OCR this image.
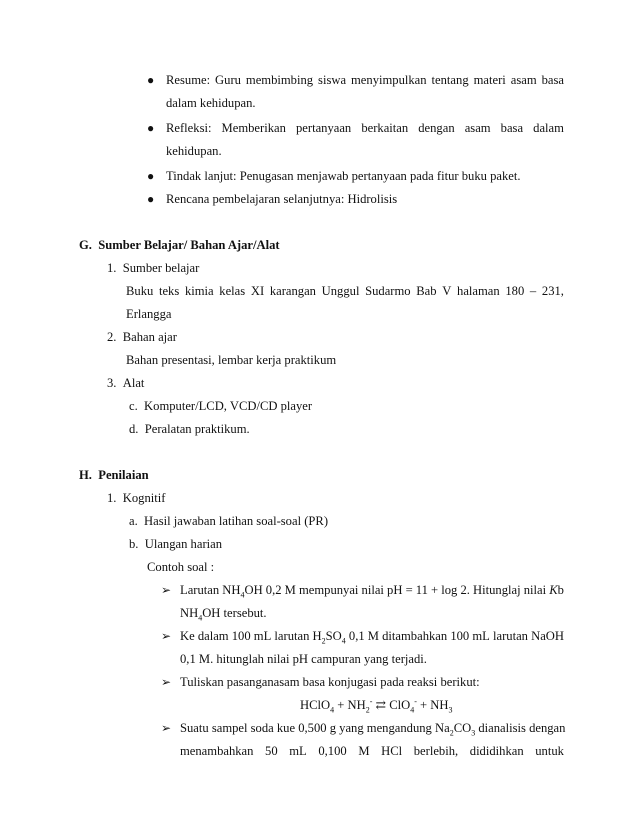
● Resume: Guru membimbing siswa menyimpulkan tentang materi asam basa
dalam kehidupan.
● Refleksi: Memberikan pertanyaan berkaitan dengan asam basa dalam
kehidupan.
● Tindak lanjut: Penugasan menjawab pertanyaan pada fitur buku paket.
● Rencana pembelajaran selanjutnya: Hidrolisis
G. Sumber Belajar/ Bahan Ajar/Alat
1. Sumber belajar
Buku teks kimia kelas XI karangan Unggul Sudarmo Bab V halaman 180 – 231,
Erlangga
2. Bahan ajar
Bahan presentasi, lembar kerja praktikum
3. Alat
c. Komputer/LCD, VCD/CD player
d. Peralatan praktikum.
H. Penilaian
1. Kognitif
a. Hasil jawaban latihan soal-soal (PR)
b. Ulangan harian
Contoh soal :
➢ Larutan $NH_4OH$ 0,2 M mempunyai nilai pH = 11 + log 2. Hitunglaj nilai Kb
$NH_4OH$ tersebut.
➢ Ke dalam 100 mL larutan $H_2SO_4$ 0,1 M ditambahkan 100 mL larutan NaOH
0,1 M. hitunglah nilai pH campuran yang terjadi.
➢ Tuliskan pasanganasam basa konjugasi pada reaksi berikut:
HClO$_4$ + $NH_2^-$ ⇄ $ClO_4^- + NH_3$
➢ Suatu sampel soda kue 0,500 g yang mengandung $Na_2CO_3$ dianalisis dengan
menambahkan 50 mL 0,100 M HCl berlebih, dididihkan untuk
